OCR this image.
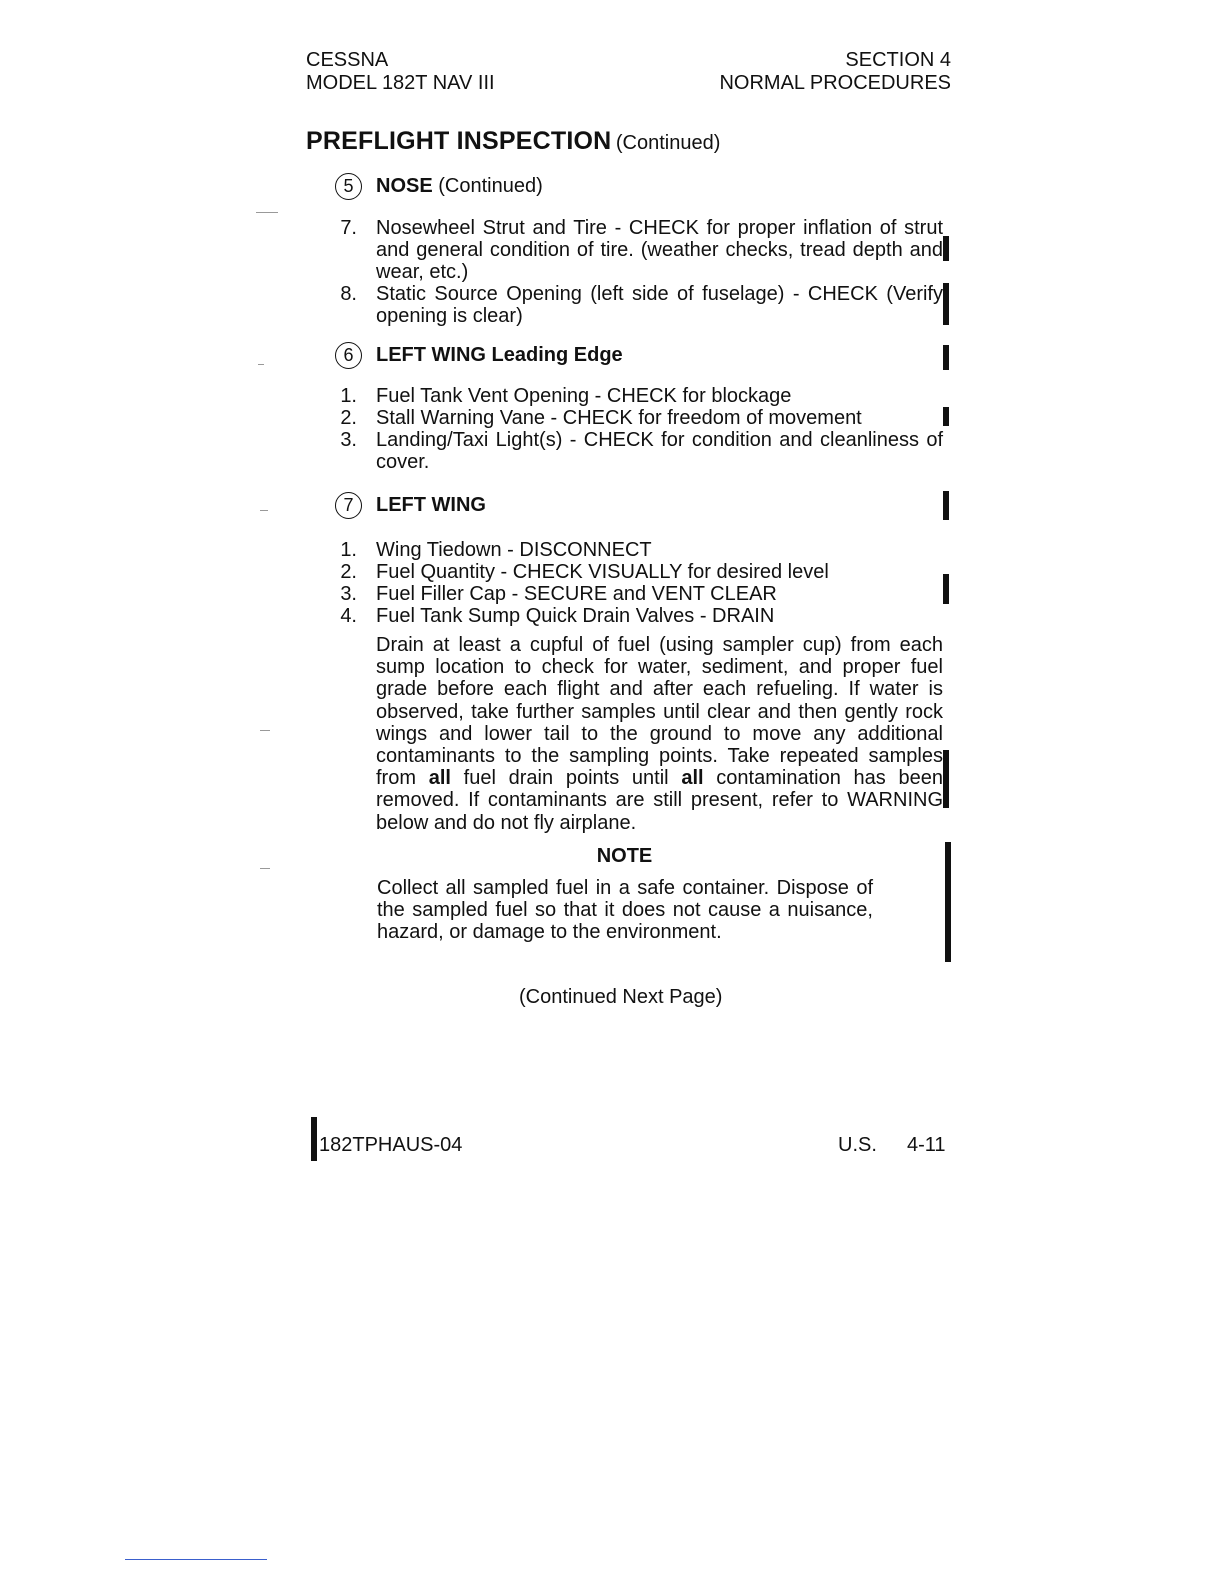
CESSNA
MODEL 182T NAV III
SECTION 4
NORMAL PROCEDURES
PREFLIGHT INSPECTION (Continued)
5	NOSE (Continued)
7. Nosewheel Strut and Tire - CHECK for proper inflation of strut and general condition of tire. (weather checks, tread depth and wear, etc.)
8. Static Source Opening (left side of fuselage) - CHECK (Verify opening is clear)
6	LEFT WING Leading Edge
1. Fuel Tank Vent Opening - CHECK for blockage
2. Stall Warning Vane - CHECK for freedom of movement
3. Landing/Taxi Light(s) - CHECK for condition and cleanliness of cover.
7	LEFT WING
1. Wing Tiedown - DISCONNECT
2. Fuel Quantity - CHECK VISUALLY for desired level
3. Fuel Filler Cap - SECURE and VENT CLEAR
4. Fuel Tank Sump Quick Drain Valves - DRAIN
Drain at least a cupful of fuel (using sampler cup) from each sump location to check for water, sediment, and proper fuel grade before each flight and after each refueling. If water is observed, take further samples until clear and then gently rock wings and lower tail to the ground to move any additional contaminants to the sampling points. Take repeated samples from all fuel drain points until all contamination has been removed. If contaminants are still present, refer to WARNING below and do not fly airplane.
NOTE
Collect all sampled fuel in a safe container. Dispose of the sampled fuel so that it does not cause a nuisance, hazard, or damage to the environment.
(Continued Next Page)
182TPHAUS-04	U.S. 4-11
